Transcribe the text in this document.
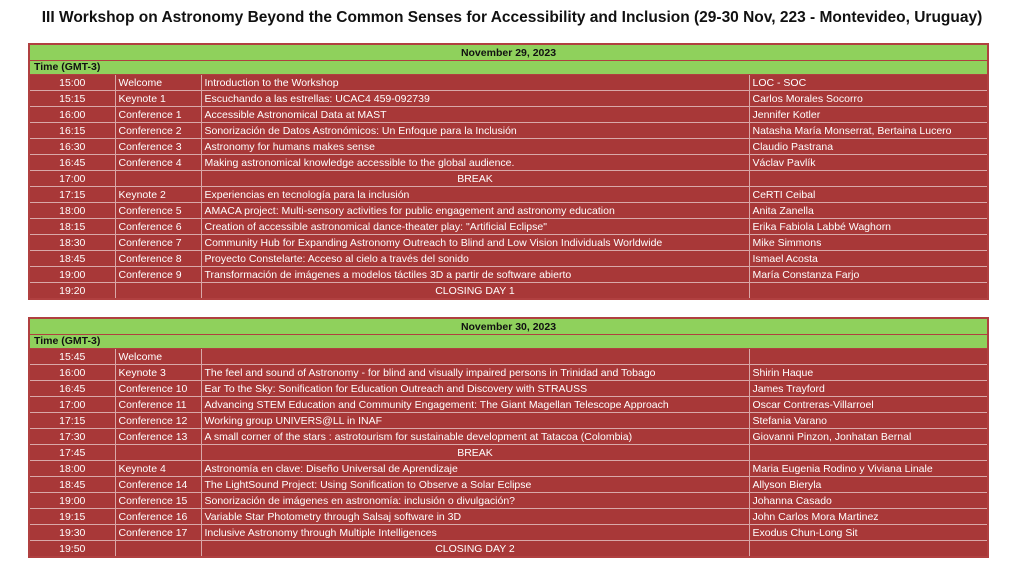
III Workshop on Astronomy Beyond the Common Senses for Accessibility and Inclusion (29-30 Nov, 223 - Montevideo, Uruguay)
November 29, 2023			
Time (GMT-3)			
15:00	Welcome	Introduction to the Workshop	LOC - SOC
15:15	Keynote 1	Escuchando a las estrellas: UCAC4 459-092739	Carlos Morales Socorro
16:00	Conference 1	Accessible Astronomical Data at MAST	Jennifer Kotler
16:15	Conference 2	Sonorización de Datos Astronómicos: Un Enfoque para la Inclusión	Natasha María Monserrat, Bertaina Lucero
16:30	Conference 3	Astronomy for humans makes sense	Claudio Pastrana
16:45	Conference 4	Making astronomical knowledge accessible to the global audience.	Václav Pavlík
17:00		BREAK	
17:15	Keynote 2	Experiencias en tecnología para la inclusión	CeRTI Ceibal
18:00	Conference 5	AMACA project: Multi-sensory activities for public engagement and astronomy education	Anita Zanella
18:15	Conference 6	Creation of accessible astronomical dance-theater play: "Artificial Eclipse"	Erika Fabiola Labbé Waghorn
18:30	Conference 7	Community Hub for Expanding Astronomy Outreach to Blind and Low Vision Individuals Worldwide	Mike Simmons
18:45	Conference 8	Proyecto Constelarte: Acceso al cielo a través del sonido	Ismael Acosta
19:00	Conference 9	Transformación de imágenes a modelos táctiles 3D a partir de software abierto	María Constanza Farjo
19:20		CLOSING DAY 1	
November 30, 2023			
Time (GMT-3)			
15:45	Welcome		
16:00	Keynote 3	The feel and sound of Astronomy - for blind and visually impaired persons in Trinidad and Tobago	Shirin Haque
16:45	Conference 10	Ear To the Sky: Sonification for Education Outreach and Discovery with STRAUSS	James Trayford
17:00	Conference 11	Advancing STEM Education and Community Engagement: The Giant Magellan Telescope Approach	Oscar Contreras-Villarroel
17:15	Conference 12	Working group UNIVERS@LL in INAF	Stefania Varano
17:30	Conference 13	A small corner of the stars : astrotourism for sustainable development at Tatacoa (Colombia)	Giovanni Pinzon, Jonhatan Bernal
17:45		BREAK	
18:00	Keynote 4	Astronomía en clave: Diseño Universal de Aprendizaje	Maria Eugenia Rodino y Viviana Linale
18:45	Conference 14	The LightSound Project: Using Sonification to Observe a Solar Eclipse	Allyson Bieryla
19:00	Conference 15	Sonorización de imágenes en astronomía: inclusión o divulgación?	Johanna Casado
19:15	Conference 16	Variable Star Photometry through Salsaj software in 3D	John Carlos Mora Martinez
19:30	Conference 17	Inclusive Astronomy through Multiple Intelligences	Exodus Chun-Long Sit
19:50		CLOSING DAY 2	
